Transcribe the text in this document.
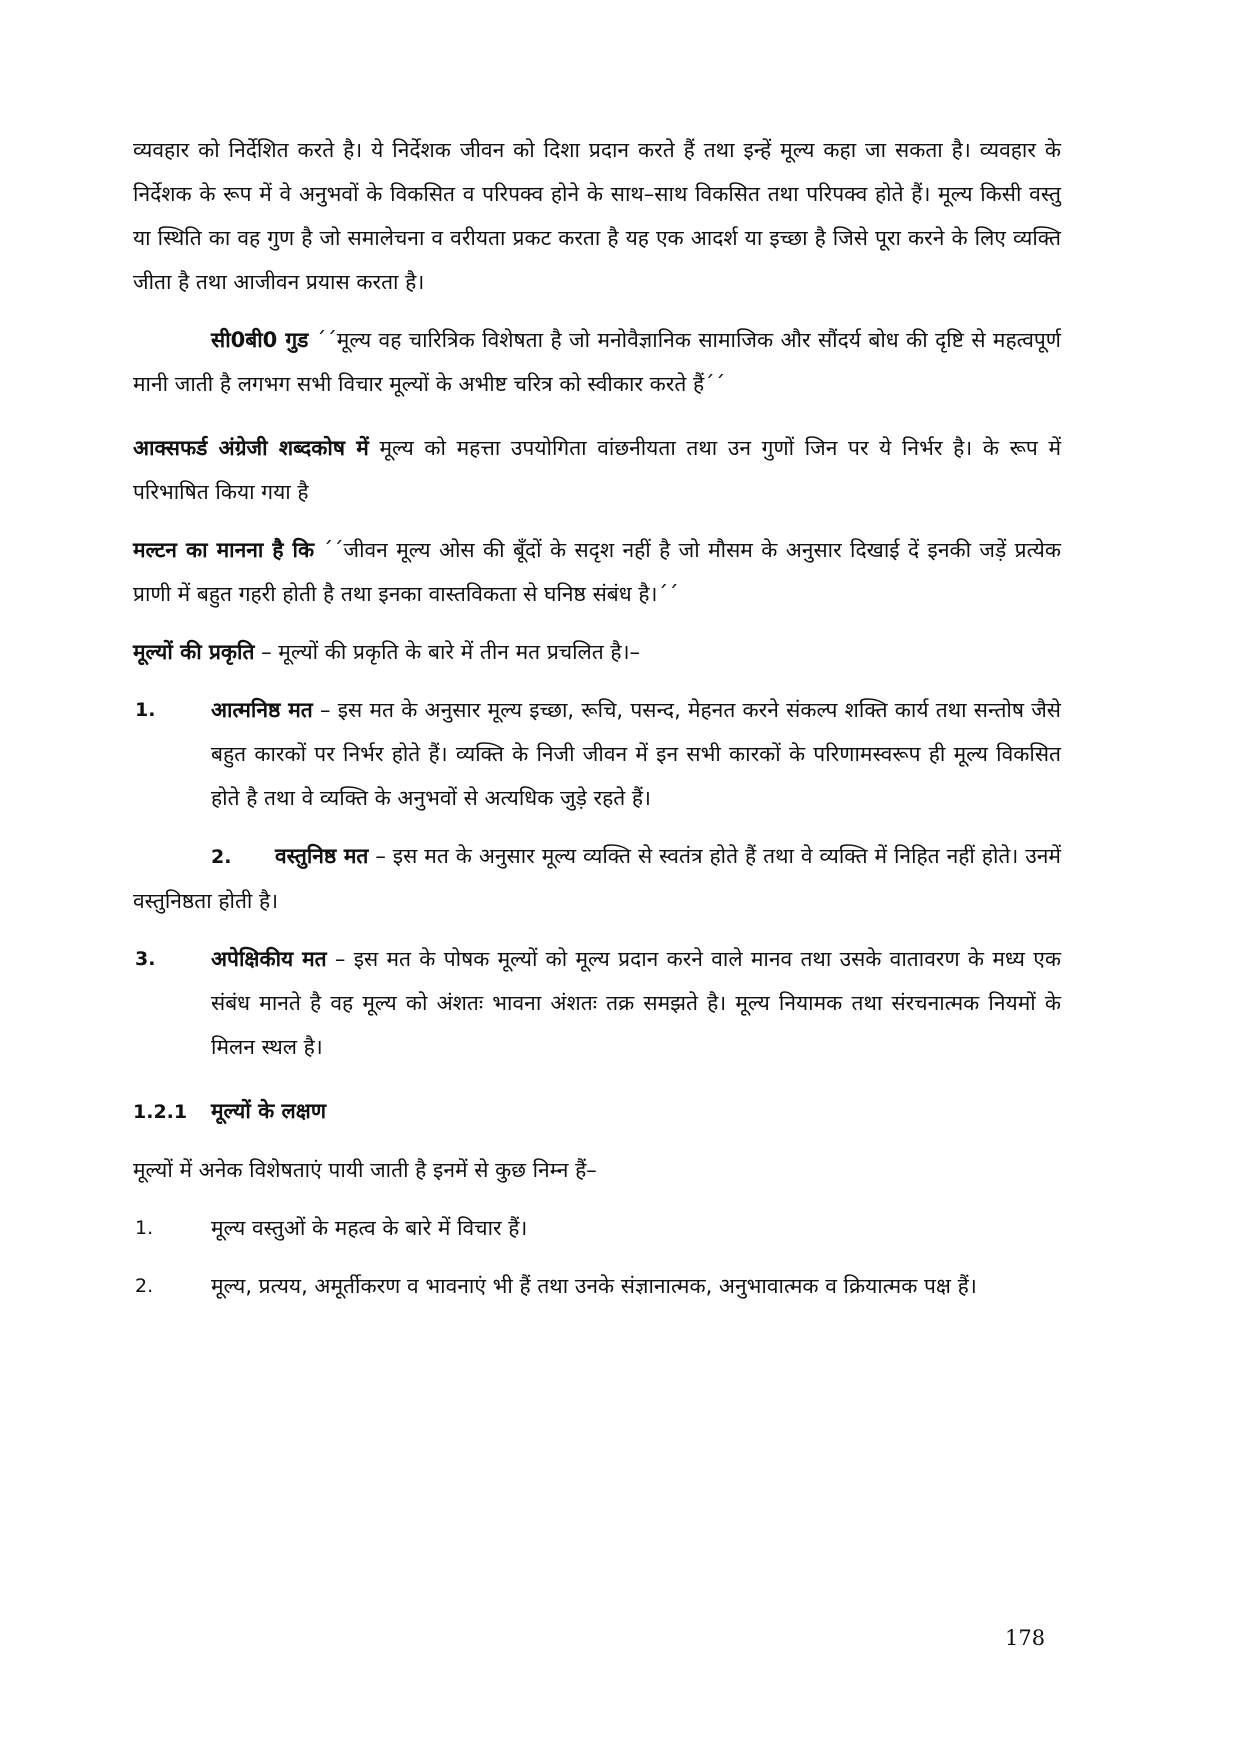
व्यवहार को निर्देशित करते है। ये निर्देशक जीवन को दिशा प्रदान करते हैं तथा इन्हें मूल्य कहा जा सकता है। व्यवहार के निर्देशक के रूप में वे अनुभवों के विकसित व परिपक्व होने के साथ–साथ विकसित तथा परिपक्व होते हैं। मूल्य किसी वस्तु या स्थिति का वह गुण है जो समालेचना व वरीयता प्रकट करता है यह एक आदर्श या इच्छा है जिसे पूरा करने के लिए व्यक्ति जीता है तथा आजीवन प्रयास करता है।

सी0बी0 गुड ´´मूल्य वह चारित्रिक विशेषता है जो मनोवैज्ञानिक सामाजिक और सौंदर्य बोध की दृष्टि से महत्वपूर्ण मानी जाती है लगभग सभी विचार मूल्यों के अभीष्ट चरित्र को स्वीकार करते हैं´´

आक्सफर्ड अंग्रेजी शब्दकोष में मूल्य को महत्ता उपयोगिता वांछनीयता तथा उन गुणों जिन पर ये निर्भर है। के रूप में परिभाषित किया गया है

मल्टन का मानना है कि ´´जीवन मूल्य ओस की बूँदों के सदृश नहीं है जो मौसम के अनुसार दिखाई दें इनकी जड़ें प्रत्येक प्राणी में बहुत गहरी होती है तथा इनका वास्तविकता से घनिष्ठ संबंध है।´´

मूल्यों की प्रकृति – मूल्यों की प्रकृति के बारे में तीन मत प्रचलित है।–

1.	आत्मनिष्ठ मत – इस मत के अनुसार मूल्य इच्छा, रूचि, पसन्द, मेहनत करने संकल्प शक्ति कार्य तथा सन्तोष जैसे बहुत कारकों पर निर्भर होते हैं। व्यक्ति के निजी जीवन में इन सभी कारकों के परिणामस्वरूप ही मूल्य विकसित होते है तथा वे व्यक्ति के अनुभवों से अत्यधिक जुड़े रहते हैं।

2. वस्तुनिष्ठ मत – इस मत के अनुसार मूल्य व्यक्ति से स्वतंत्र होते हैं तथा वे व्यक्ति में निहित नहीं होते। उनमें वस्तुनिष्ठता होती है।

3.	अपेक्षिकीय मत – इस मत के पोषक मूल्यों को मूल्य प्रदान करने वाले मानव तथा उसके वातावरण के मध्य एक संबंध मानते है वह मूल्य को अंशतः भावना अंशतः तक्र समझते है। मूल्य नियामक तथा संरचनात्मक नियमों के मिलन स्थल है।

1.2.1 मूल्यों के लक्षण

मूल्यों में अनेक विशेषताएं पायी जाती है इनमें से कुछ निम्न हैं–

1.	मूल्य वस्तुओं के महत्व के बारे में विचार हैं।

2.	मूल्य, प्रत्यय, अमूर्तीकरण व भावनाएं भी हैं तथा उनके संज्ञानात्मक, अनुभावात्मक व क्रियात्मक पक्ष हैं।

178
